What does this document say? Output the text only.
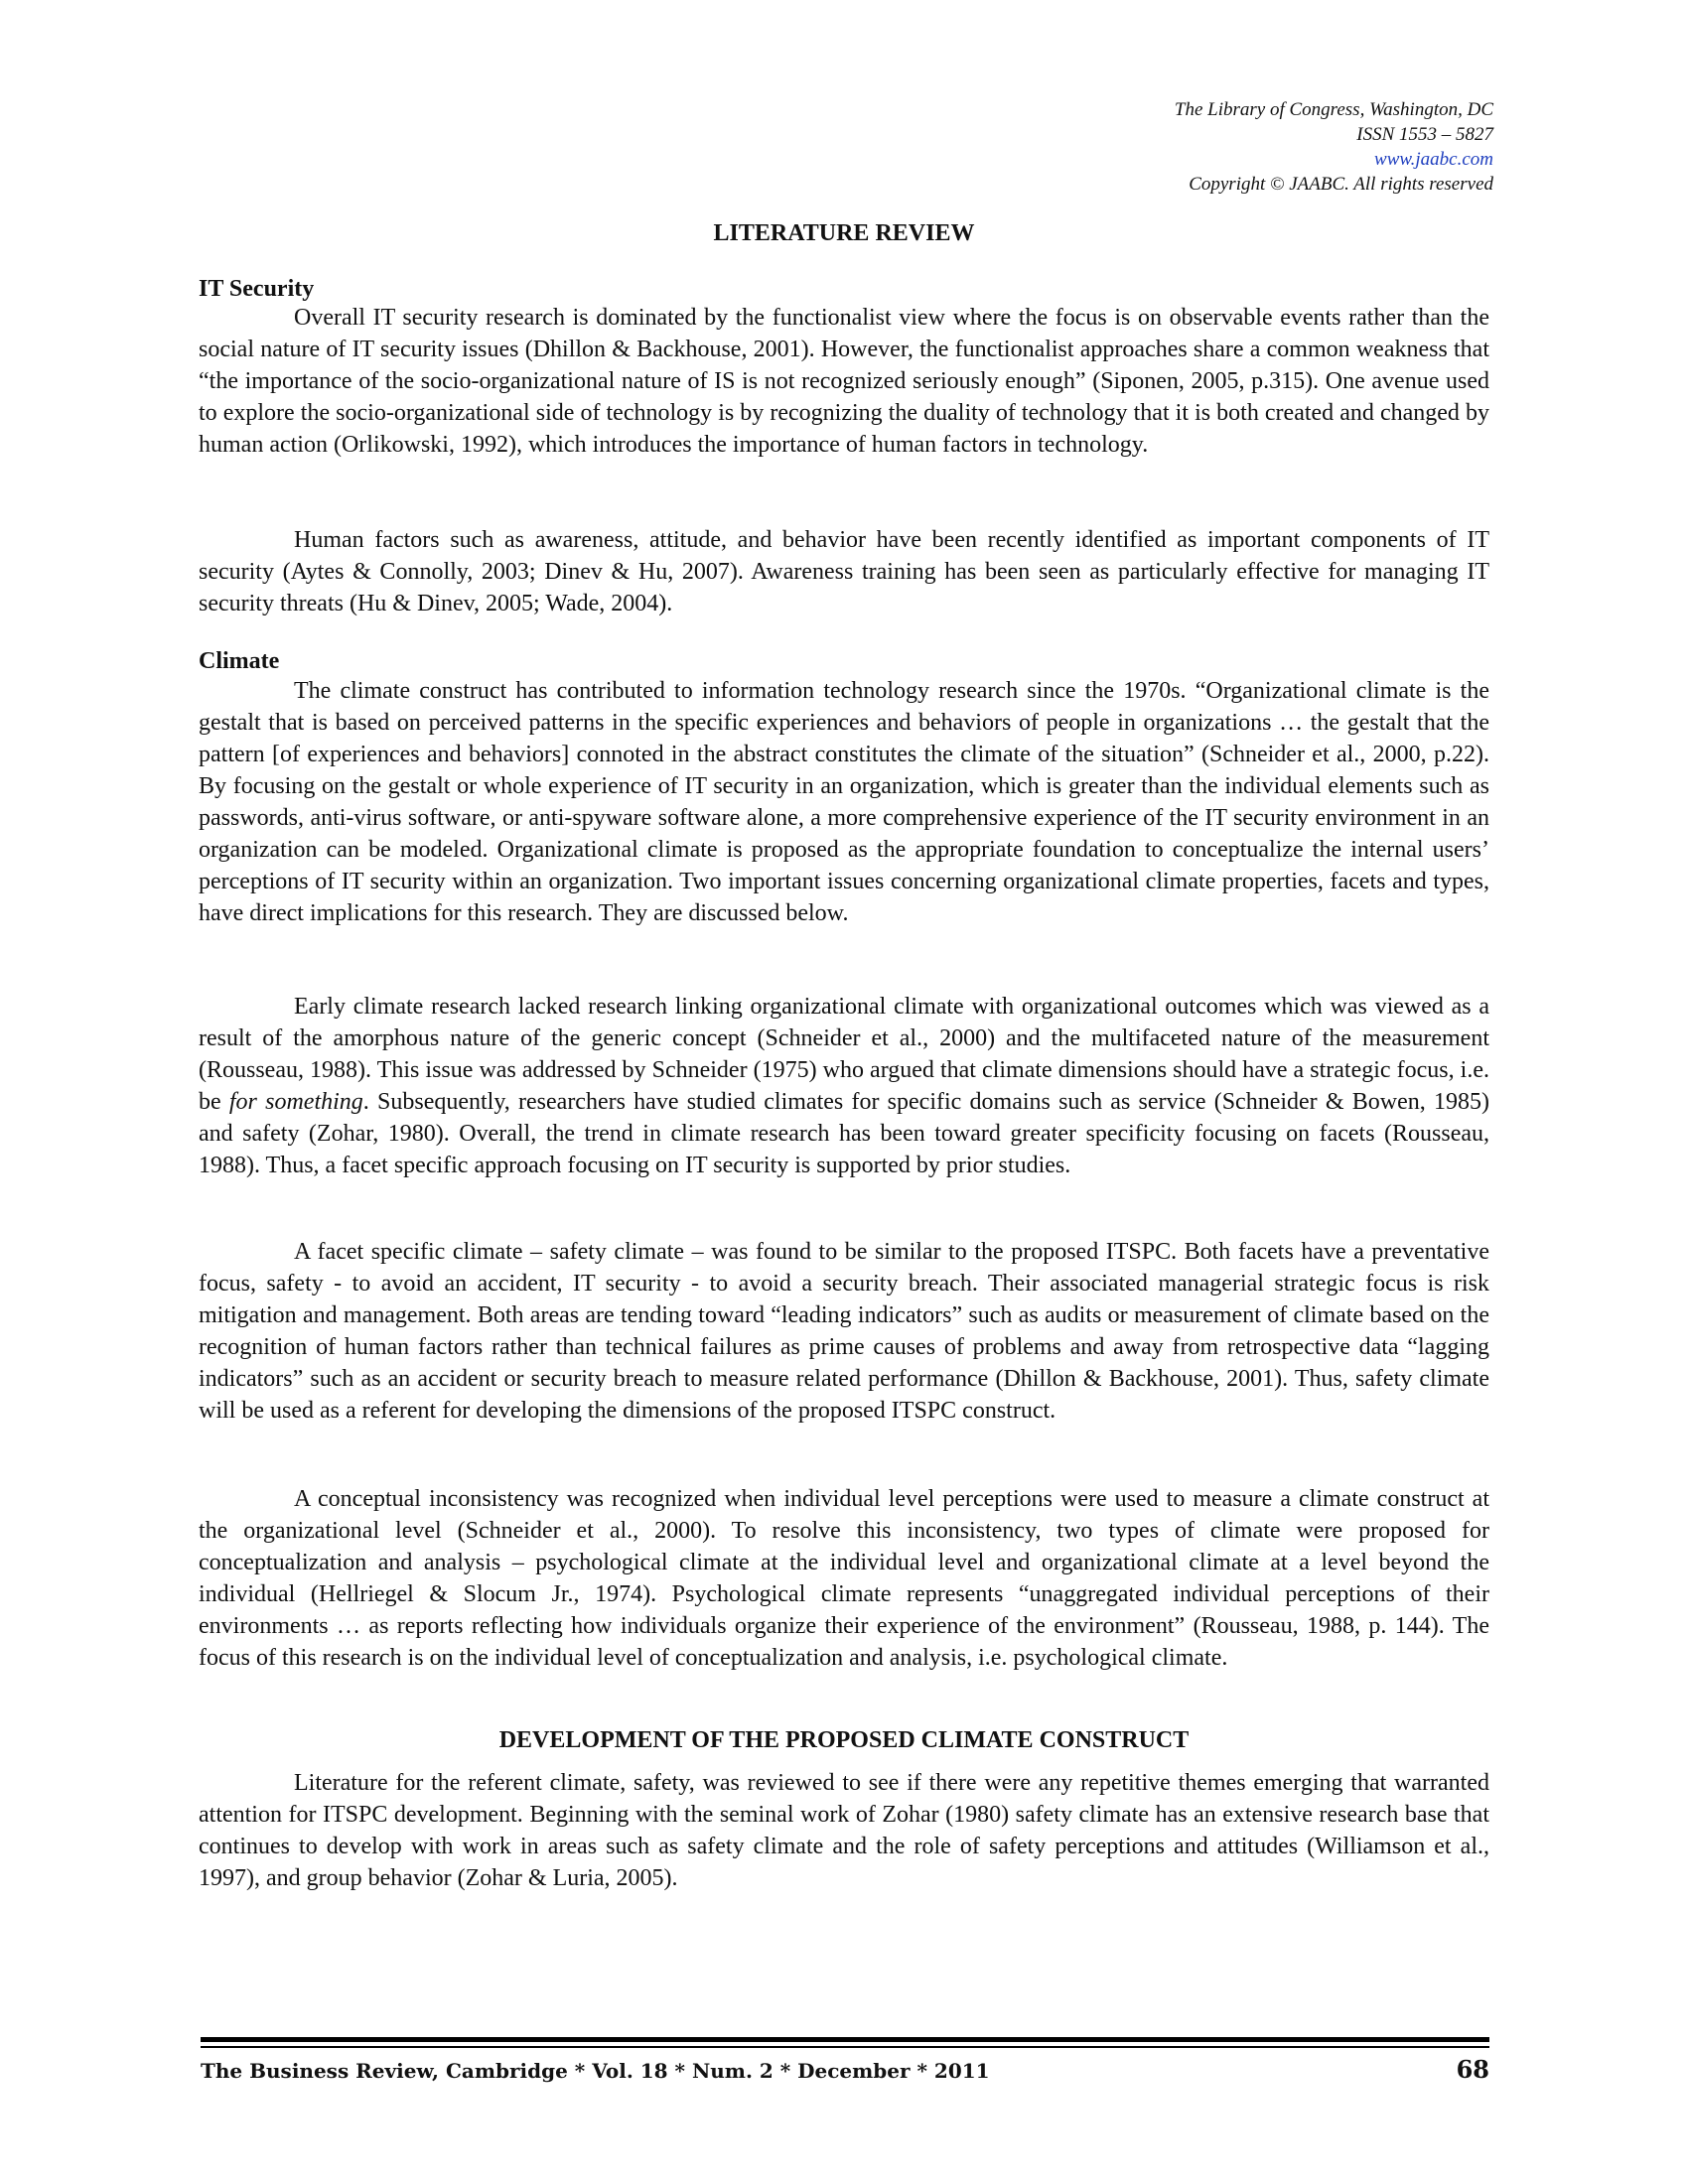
The Library of Congress, Washington, DC
ISSN 1553 – 5827
www.jaabc.com
Copyright © JAABC. All rights reserved
LITERATURE REVIEW
IT Security

Overall IT security research is dominated by the functionalist view where the focus is on observable events rather than the social nature of IT security issues (Dhillon & Backhouse, 2001). However, the functionalist approaches share a common weakness that “the importance of the socio-organizational nature of IS is not recognized seriously enough” (Siponen, 2005, p.315). One avenue used to explore the socio-organizational side of technology is by recognizing the duality of technology that it is both created and changed by human action (Orlikowski, 1992), which introduces the importance of human factors in technology.

Human factors such as awareness, attitude, and behavior have been recently identified as important components of IT security (Aytes & Connolly, 2003; Dinev & Hu, 2007). Awareness training has been seen as particularly effective for managing IT security threats (Hu & Dinev, 2005; Wade, 2004).

Climate

The climate construct has contributed to information technology research since the 1970s. “Organizational climate is the gestalt that is based on perceived patterns in the specific experiences and behaviors of people in organizations … the gestalt that the pattern [of experiences and behaviors] connoted in the abstract constitutes the climate of the situation” (Schneider et al., 2000, p.22). By focusing on the gestalt or whole experience of IT security in an organization, which is greater than the individual elements such as passwords, anti-virus software, or anti-spyware software alone, a more comprehensive experience of the IT security environment in an organization can be modeled. Organizational climate is proposed as the appropriate foundation to conceptualize the internal users’ perceptions of IT security within an organization. Two important issues concerning organizational climate properties, facets and types, have direct implications for this research. They are discussed below.

Early climate research lacked research linking organizational climate with organizational outcomes which was viewed as a result of the amorphous nature of the generic concept (Schneider et al., 2000) and the multifaceted nature of the measurement (Rousseau, 1988). This issue was addressed by Schneider (1975) who argued that climate dimensions should have a strategic focus, i.e. be for something. Subsequently, researchers have studied climates for specific domains such as service (Schneider & Bowen, 1985) and safety (Zohar, 1980). Overall, the trend in climate research has been toward greater specificity focusing on facets (Rousseau, 1988). Thus, a facet specific approach focusing on IT security is supported by prior studies.

A facet specific climate – safety climate – was found to be similar to the proposed ITSPC. Both facets have a preventative focus, safety - to avoid an accident, IT security - to avoid a security breach. Their associated managerial strategic focus is risk mitigation and management. Both areas are tending toward “leading indicators” such as audits or measurement of climate based on the recognition of human factors rather than technical failures as prime causes of problems and away from retrospective data “lagging indicators” such as an accident or security breach to measure related performance (Dhillon & Backhouse, 2001). Thus, safety climate will be used as a referent for developing the dimensions of the proposed ITSPC construct.

A conceptual inconsistency was recognized when individual level perceptions were used to measure a climate construct at the organizational level (Schneider et al., 2000). To resolve this inconsistency, two types of climate were proposed for conceptualization and analysis – psychological climate at the individual level and organizational climate at a level beyond the individual (Hellriegel & Slocum Jr., 1974). Psychological climate represents “unaggregated individual perceptions of their environments … as reports reflecting how individuals organize their experience of the environment” (Rousseau, 1988, p. 144). The focus of this research is on the individual level of conceptualization and analysis, i.e. psychological climate.

DEVELOPMENT OF THE PROPOSED CLIMATE CONSTRUCT

Literature for the referent climate, safety, was reviewed to see if there were any repetitive themes emerging that warranted attention for ITSPC development. Beginning with the seminal work of Zohar (1980) safety climate has an extensive research base that continues to develop with work in areas such as safety climate and the role of safety perceptions and attitudes (Williamson et al., 1997), and group behavior (Zohar & Luria, 2005).

The Business Review, Cambridge * Vol. 18 * Num. 2 * December * 2011	68
